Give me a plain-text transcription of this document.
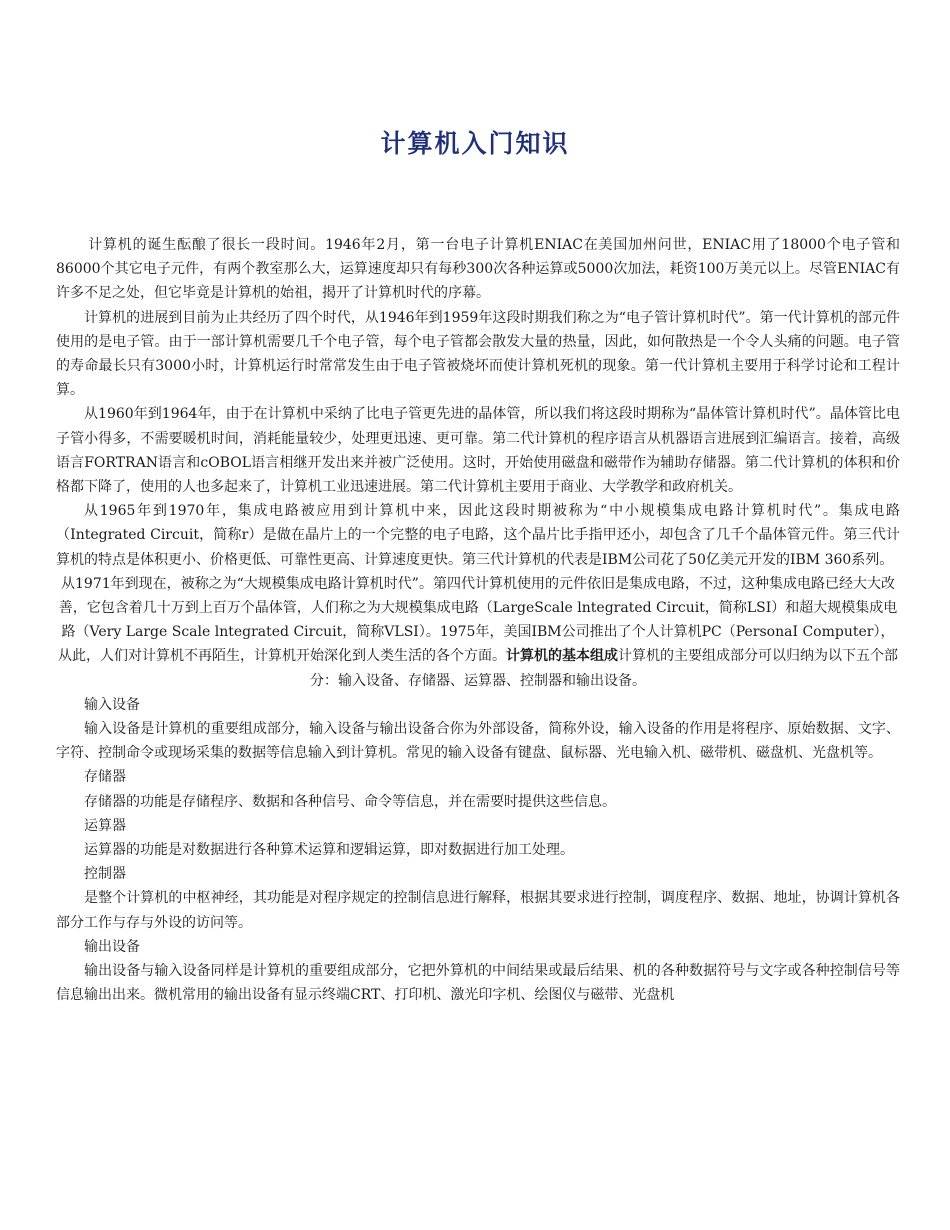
计算机入门知识

计算机的诞生酝酿了很长一段时间。1946年2月，第一台电子计算机ENIAC在美国加州问世，ENIAC用了18000个电子管和86000个其它电子元件，有两个教室那么大，运算速度却只有每秒300次各种运算或5000次加法，耗资100万美元以上。尽管ENIAC有许多不足之处，但它毕竟是计算机的始祖，揭开了计算机时代的序幕。

计算机的进展到目前为止共经历了四个时代，从1946年到1959年这段时期我们称之为“电子管计算机时代”。第一代计算机的部元件使用的是电子管。由于一部计算机需要几千个电子管，每个电子管都会散发大量的热量，因此，如何散热是一个令人头痛的问题。电子管的寿命最长只有3000小时，计算机运行时常常发生由于电子管被烧坏而使计算机死机的现象。第一代计算机主要用于科学讨论和工程计算。

从1960年到1964年，由于在计算机中采纳了比电子管更先进的晶体管，所以我们将这段时期称为“晶体管计算机时代”。晶体管比电子管小得多，不需要暖机时间，消耗能量较少，处理更迅速、更可靠。第二代计算机的程序语言从机器语言进展到汇编语言。接着，高级语言FORTRAN语言和cOBOL语言相继开发出来并被广泛使用。这时，开始使用磁盘和磁带作为辅助存储器。第二代计算机的体积和价格都下降了，使用的人也多起来了，计算机工业迅速进展。第二代计算机主要用于商业、大学教学和政府机关。

从1965年到1970年，集成电路被应用到计算机中来，因此这段时期被称为“中小规模集成电路计算机时代”。集成电路（Integrated Circuit，简称r）是做在晶片上的一个完整的电子电路，这个晶片比手指甲还小，却包含了几千个晶体管元件。第三代计算机的特点是体积更小、价格更低、可靠性更高、计算速度更快。第三代计算机的代表是IBM公司花了50亿美元开发的IBM 360系列。

从1971年到现在，被称之为“大规模集成电路计算机时代”。第四代计算机使用的元件依旧是集成电路，不过，这种集成电路已经大大改善，它包含着几十万到上百万个晶体管，人们称之为大规模集成电路（LargeScale lntegrated Circuit，简称LSI）和超大规模集成电路（Very Large Scale lntegrated Circuit，简称VLSI）。1975年，美国IBM公司推出了个人计算机PC（PersonaI Computer），从此，人们对计算机不再陌生，计算机开始深化到人类生活的各个方面。计算机的基本组成计算机的主要组成部分可以归纳为以下五个部分：输入设备、存储器、运算器、控制器和输出设备。

输入设备

输入设备是计算机的重要组成部分，输入设备与输出设备合你为外部设备，简称外设，输入设备的作用是将程序、原始数据、文字、字符、控制命令或现场采集的数据等信息输入到计算机。常见的输入设备有键盘、鼠标器、光电输入机、磁带机、磁盘机、光盘机等。

存储器

存储器的功能是存储程序、数据和各种信号、命令等信息，并在需要时提供这些信息。

运算器

运算器的功能是对数据进行各种算术运算和逻辑运算，即对数据进行加工处理。

控制器

是整个计算机的中枢神经，其功能是对程序规定的控制信息进行解释，根据其要求进行控制，调度程序、数据、地址，协调计算机各部分工作与存与外设的访问等。

输出设备

输出设备与输入设备同样是计算机的重要组成部分，它把外算机的中间结果或最后结果、机的各种数据符号与文字或各种控制信号等信息输出出来。微机常用的输出设备有显示终端CRT、打印机、激光印字机、绘图仪与磁带、光盘机
